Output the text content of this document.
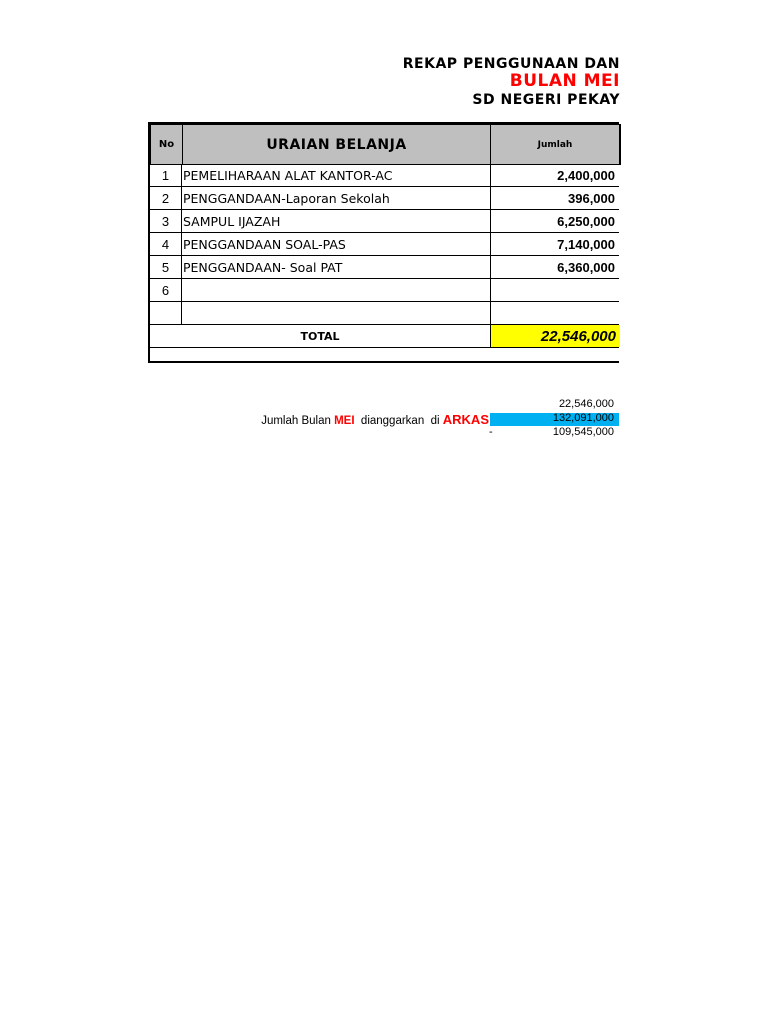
REKAP PENGGUNAAN DAN
BULAN MEI
SD NEGERI PEKAY
No	URAIAN BELANJA	Jumlah
1	PEMELIHARAAN ALAT KANTOR-AC	2,400,000
2	PENGGANDAAN-Laporan Sekolah	396,000
3	SAMPUL IJAZAH	6,250,000
4	PENGGANDAAN SOAL-PAS	7,140,000
5	PENGGANDAAN- Soal PAT	6,360,000
6
TOTAL	22,546,000
22,546,000
Jumlah Bulan MEI  dianggarkan  di ARKAS	132,091,000
-	109,545,000
